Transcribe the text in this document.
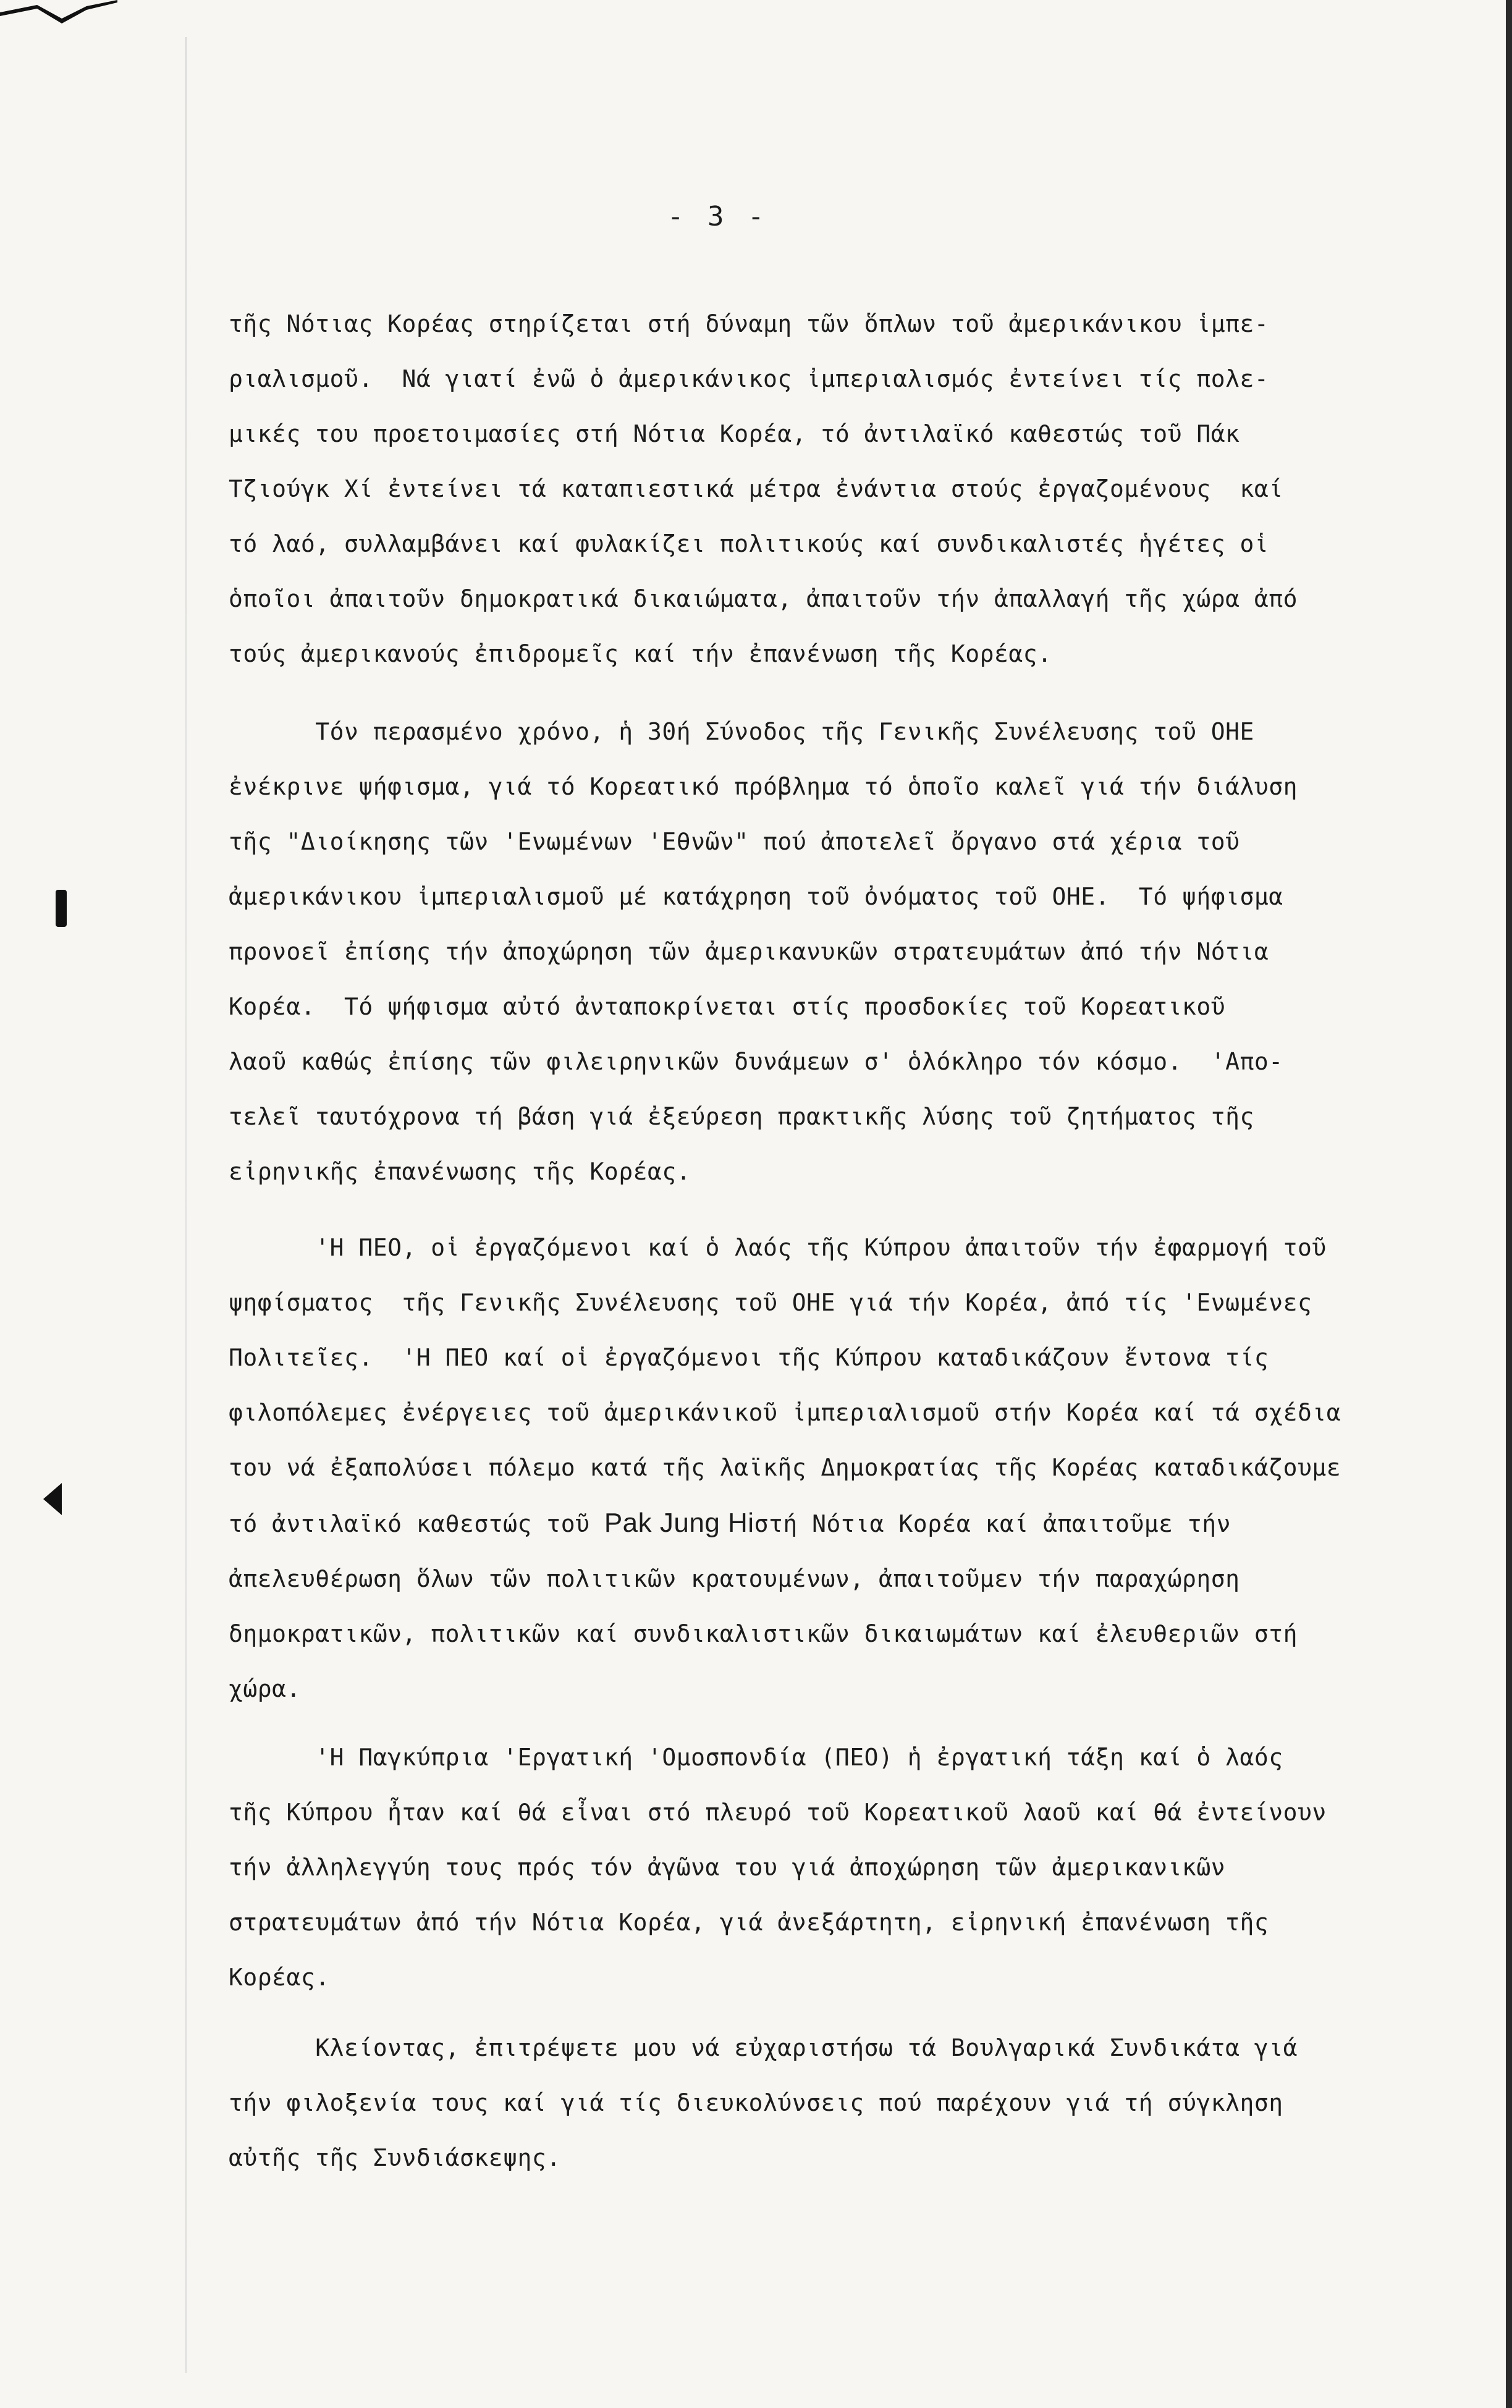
- 3 -
τῆς Νότιας Κορέας στηρίζεται στή δύναμη τῶν ὅπλων τοῦ ἀμερικάνικου ἱμπε-
ριαλισμοῦ.  Νά γιατί ἐνῶ ὁ ἀμερικάνικος ἰμπεριαλισμός ἐντείνει τίς πολε-
μικές του προετοιμασίες στή Νότια Κορέα, τό ἀντιλαϊκό καθεστώς τοῦ Πάκ
Τζιούγκ Χί ἐντείνει τά καταπιεστικά μέτρα ἐνάντια στούς ἐργαζομένους  καί
τό λαό, συλλαμβάνει καί φυλακίζει πολιτικούς καί συνδικαλιστές ἡγέτες οἱ
ὁποῖοι ἀπαιτοῦν δημοκρατικά δικαιώματα, ἀπαιτοῦν τήν ἀπαλλαγή τῆς χώρα ἀπό
τούς ἀμερικανούς ἐπιδρομεῖς καί τήν ἐπανένωση τῆς Κορέας.
Τόν περασμένο χρόνο, ἡ 30ή Σύνοδος τῆς Γενικῆς Συνέλευσης τοῦ ΟΗΕ
ἐνέκρινε ψήφισμα, γιά τό Κορεατικό πρόβλημα τό ὁποῖο καλεῖ γιά τήν διάλυση
τῆς "Διοίκησης τῶν 'Ενωμένων 'Εθνῶν" πού ἀποτελεῖ ὄργανο στά χέρια τοῦ
ἀμερικάνικου ἰμπεριαλισμοῦ μέ κατάχρηση τοῦ ὀνόματος τοῦ ΟΗΕ.  Τό ψήφισμα
προνοεῖ ἐπίσης τήν ἀποχώρηση τῶν ἀμερικανυκῶν στρατευμάτων ἀπό τήν Νότια
Κορέα.  Τό ψήφισμα αὐτό ἀνταποκρίνεται στίς προσδοκίες τοῦ Κορεατικοῦ
λαοῦ καθώς ἐπίσης τῶν φιλειρηνικῶν δυνάμεων σ' ὁλόκληρο τόν κόσμο.  'Απο-
τελεῖ ταυτόχρονα τή βάση γιά ἐξεύρεση πρακτικῆς λύσης τοῦ ζητήματος τῆς
εἰρηνικῆς ἐπανένωσης τῆς Κορέας.
'Η ΠΕΟ, οἱ ἐργαζόμενοι καί ὁ λαός τῆς Κύπρου ἀπαιτοῦν τήν ἐφαρμογή τοῦ
ψηφίσματος  τῆς Γενικῆς Συνέλευσης τοῦ ΟΗΕ γιά τήν Κορέα, ἀπό τίς 'Ενωμένες
Πολιτεῖες.  'Η ΠΕΟ καί οἱ ἐργαζόμενοι τῆς Κύπρου καταδικάζουν ἔντονα τίς
φιλοπόλεμες ἐνέργειες τοῦ ἀμερικάνικοῦ ἰμπεριαλισμοῦ στήν Κορέα καί τά σχέδια
του νά ἐξαπολύσει πόλεμο κατά τῆς λαϊκῆς Δημοκρατίας τῆς Κορέας καταδικάζουμε
τό ἀντιλαϊκό καθεστώς τοῦ Pak Jung Hiστή Νότια Κορέα καί ἀπαιτοῦμε τήν
ἀπελευθέρωση ὅλων τῶν πολιτικῶν κρατουμένων, ἀπαιτοῦμεν τήν παραχώρηση
δημοκρατικῶν, πολιτικῶν καί συνδικαλιστικῶν δικαιωμάτων καί ἐλευθεριῶν στή
χώρα.
'Η Παγκύπρια 'Εργατική 'Ομοσπονδία (ΠΕΟ) ἡ ἐργατική τάξη καί ὁ λαός
τῆς Κύπρου ἦταν καί θά εἶναι στό πλευρό τοῦ Κορεατικοῦ λαοῦ καί θά ἐντείνουν
τήν ἀλληλεγγύη τους πρός τόν ἀγῶνα του γιά ἀποχώρηση τῶν ἀμερικανικῶν
στρατευμάτων ἀπό τήν Νότια Κορέα, γιά ἀνεξάρτητη, εἰρηνική ἐπανένωση τῆς
Κορέας.
Κλείοντας, ἐπιτρέψετε μου νά εὐχαριστήσω τά Βουλγαρικά Συνδικάτα γιά
τήν φιλοξενία τους καί γιά τίς διευκολύνσεις πού παρέχουν γιά τή σύγκληση
αὐτῆς τῆς Συνδιάσκεψης.
